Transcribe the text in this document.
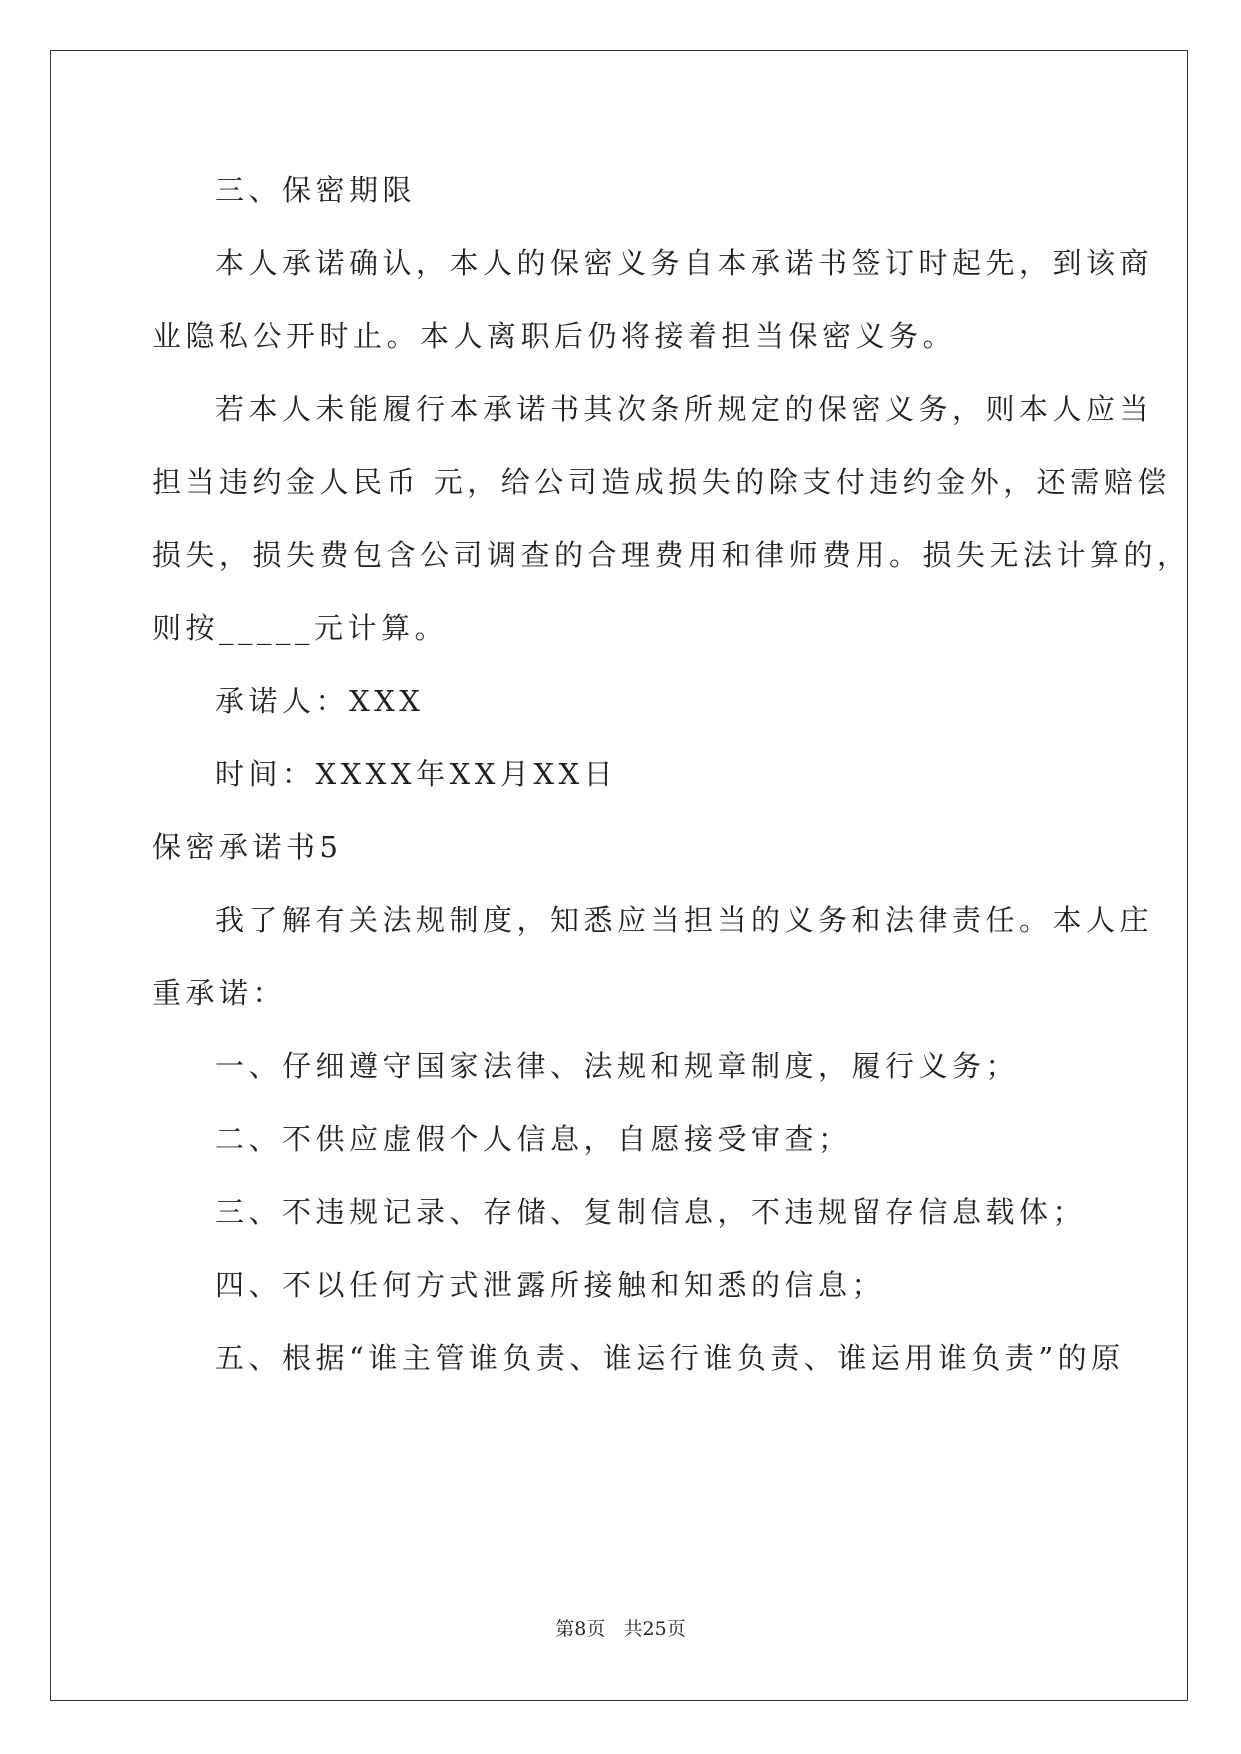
三、保密期限
本人承诺确认，本人的保密义务自本承诺书签订时起先，到该商
业隐私公开时止。本人离职后仍将接着担当保密义务。
若本人未能履行本承诺书其次条所规定的保密义务，则本人应当
担当违约金人民币 元，给公司造成损失的除支付违约金外，还需赔偿
损失，损失费包含公司调查的合理费用和律师费用。损失无法计算的，
则按_____元计算。
承诺人：XXX
时间：XXXX年XX月XX日
保密承诺书5
我了解有关法规制度，知悉应当担当的义务和法律责任。本人庄
重承诺：
一、仔细遵守国家法律、法规和规章制度，履行义务；
二、不供应虚假个人信息，自愿接受审查；
三、不违规记录、存储、复制信息，不违规留存信息载体；
四、不以任何方式泄露所接触和知悉的信息；
五、根据“谁主管谁负责、谁运行谁负责、谁运用谁负责”的原
第8页 共25页
